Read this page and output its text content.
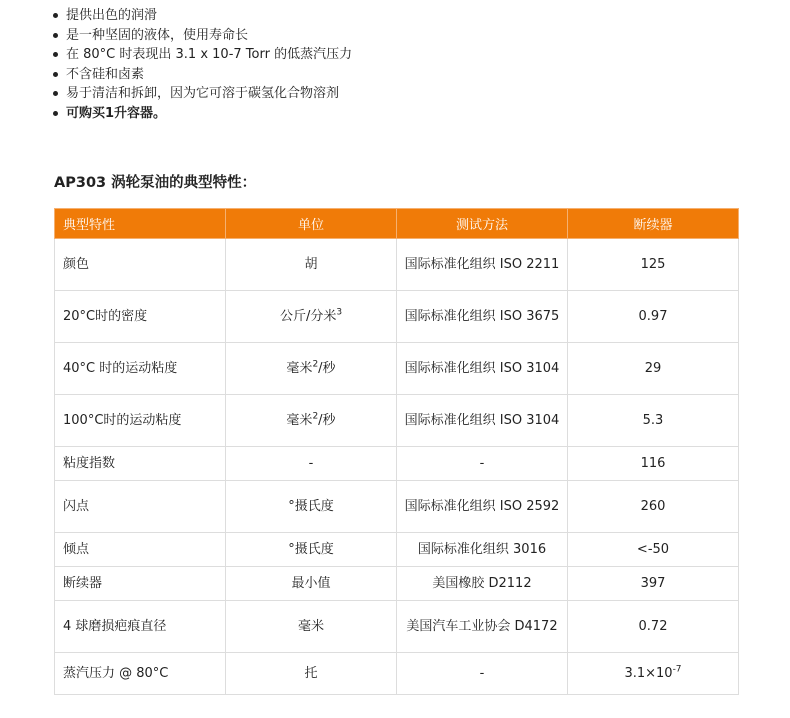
提供出色的润滑
是一种坚固的液体，使用寿命长
在 80°C 时表现出 3.1 x 10-7 Torr 的低蒸汽压力
不含硅和卤素
易于清洁和拆卸，因为它可溶于碳氢化合物溶剂
可购买1升容器。
AP303 涡轮泵油的典型特性：
典型特性	单位	测试方法	断续器
颜色	胡	国际标准化组织 ISO 2211	125
20°C时的密度	公斤/分米$^3$	国际标准化组织 ISO 3675	0.97
40°C 时的运动粘度	毫米$^2$/秒	国际标准化组织 ISO 3104	29
100°C时的运动粘度	毫米$^2$/秒	国际标准化组织 ISO 3104	5.3
粘度指数	-	-	116
闪点	°摄氏度	国际标准化组织 ISO 2592	260
倾点	°摄氏度	国际标准化组织 3016	<-50
断续器	最小值	美国橡胶 D2112	397
4 球磨损疤痕直径	毫米	美国汽车工业协会 D4172	0.72
蒸汽压力 @ 80°C	托	-	$3.1\times 10^{-7}$
